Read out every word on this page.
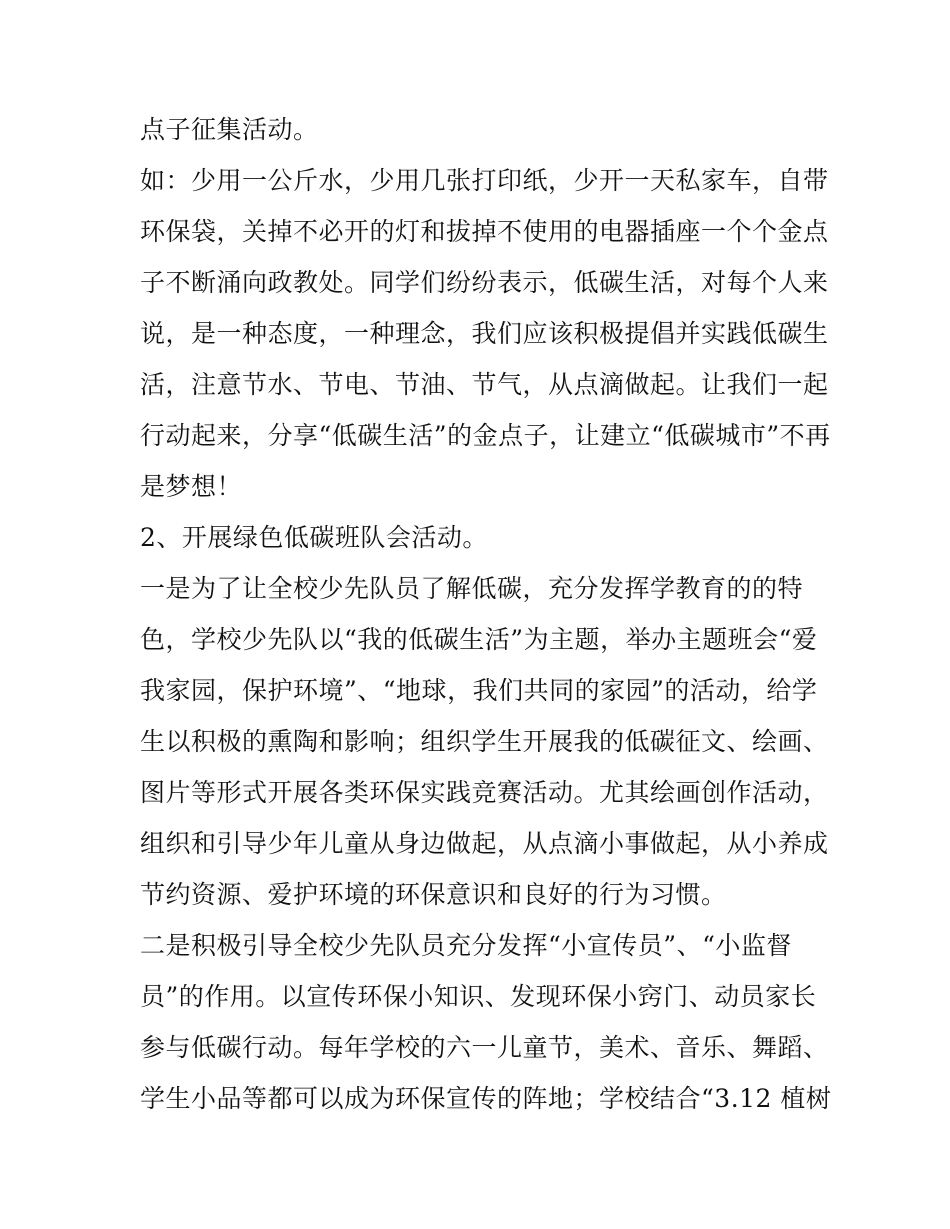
点子征集活动。
如：少用一公斤水，少用几张打印纸，少开一天私家车，自带
环保袋，关掉不必开的灯和拔掉不使用的电器插座一个个金点
子不断涌向政教处。同学们纷纷表示，低碳生活，对每个人来
说，是一种态度，一种理念，我们应该积极提倡并实践低碳生
活，注意节水、节电、节油、节气，从点滴做起。让我们一起
行动起来，分享“低碳生活”的金点子，让建立“低碳城市”不再
是梦想！
2、开展绿色低碳班队会活动。
一是为了让全校少先队员了解低碳，充分发挥学教育的的特
色，学校少先队以“我的低碳生活”为主题，举办主题班会“爱
我家园，保护环境”、“地球，我们共同的家园”的活动，给学
生以积极的熏陶和影响；组织学生开展我的低碳征文、绘画、
图片等形式开展各类环保实践竞赛活动。尤其绘画创作活动，
组织和引导少年儿童从身边做起，从点滴小事做起，从小养成
节约资源、爱护环境的环保意识和良好的行为习惯。
二是积极引导全校少先队员充分发挥“小宣传员”、“小监督
员”的作用。以宣传环保小知识、发现环保小窍门、动员家长
参与低碳行动。每年学校的六一儿童节，美术、音乐、舞蹈、
学生小品等都可以成为环保宣传的阵地；学校结合“3.12 植树
